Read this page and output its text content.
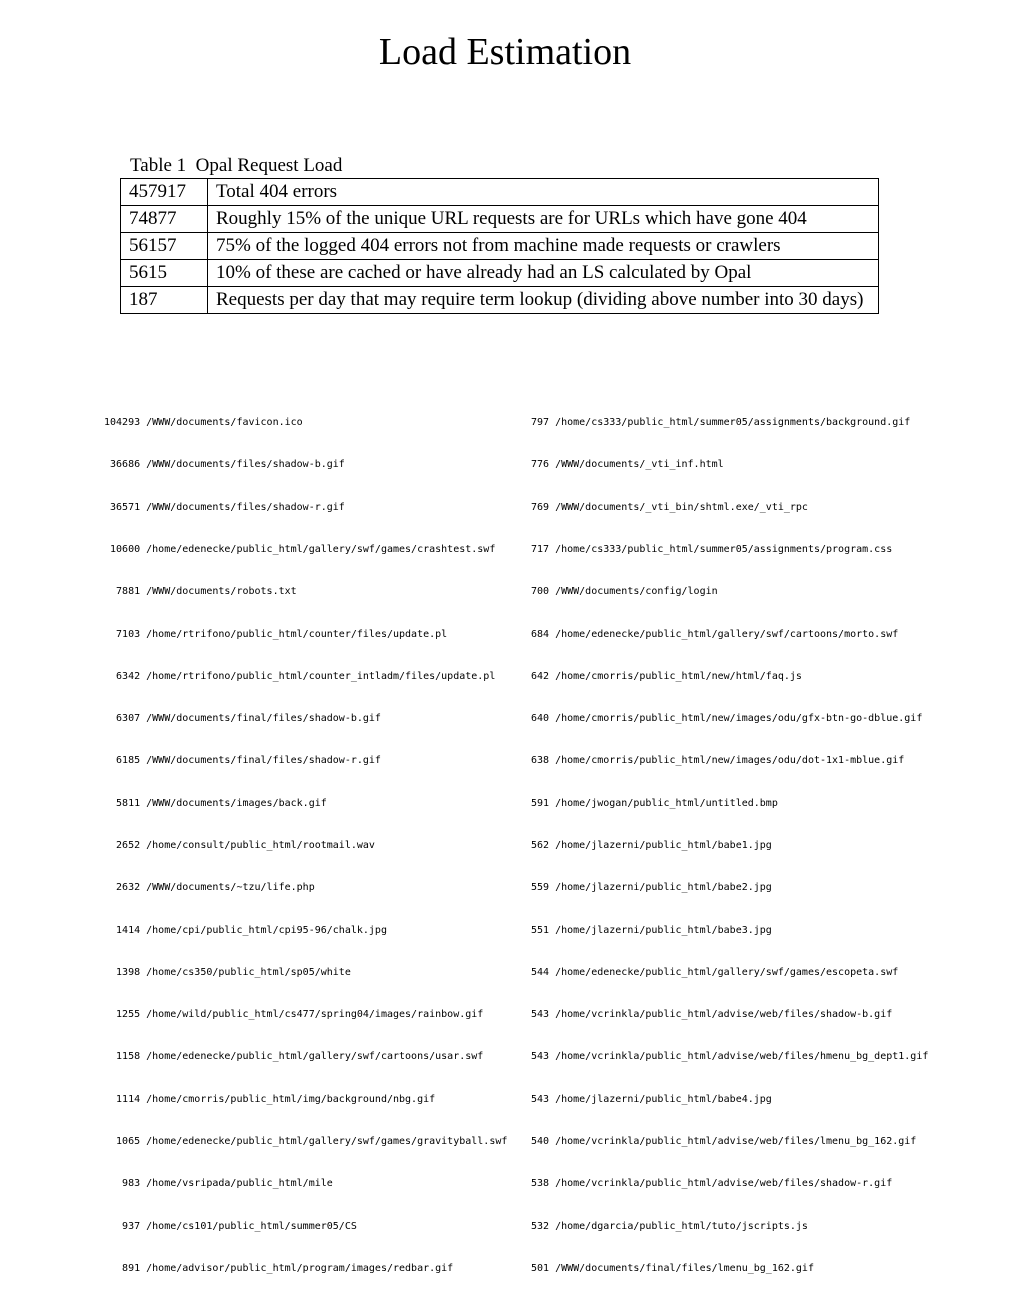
Load Estimation
Table 1  Opal Request Load
457917	Total 404 errors
74877	Roughly 15% of the unique URL requests are for URLs which have gone 404
56157	75% of the logged 404 errors not from machine made requests or crawlers
5615	10% of these are cached or have already had an LS calculated by Opal
187	Requests per day that may require term lookup (dividing above number into 30 days)

104293 /WWW/documents/favicon.ico

36686 /WWW/documents/files/shadow-b.gif

36571 /WWW/documents/files/shadow-r.gif

10600 /home/edenecke/public_html/gallery/swf/games/crashtest.swf

7881 /WWW/documents/robots.txt

7103 /home/rtrifono/public_html/counter/files/update.pl

6342 /home/rtrifono/public_html/counter_intladm/files/update.pl

6307 /WWW/documents/final/files/shadow-b.gif

6185 /WWW/documents/final/files/shadow-r.gif

5811 /WWW/documents/images/back.gif

2652 /home/consult/public_html/rootmail.wav

2632 /WWW/documents/~tzu/life.php

1414 /home/cpi/public_html/cpi95-96/chalk.jpg

1398 /home/cs350/public_html/sp05/white

1255 /home/wild/public_html/cs477/spring04/images/rainbow.gif

1158 /home/edenecke/public_html/gallery/swf/cartoons/usar.swf

1114 /home/cmorris/public_html/img/background/nbg.gif

1065 /home/edenecke/public_html/gallery/swf/games/gravityball.swf

983 /home/vsripada/public_html/mile

937 /home/cs101/public_html/summer05/CS

891 /home/advisor/public_html/program/images/redbar.gif

797 /home/cs333/public_html/summer05/assignments/background.gif

776 /WWW/documents/_vti_inf.html

769 /WWW/documents/_vti_bin/shtml.exe/_vti_rpc

717 /home/cs333/public_html/summer05/assignments/program.css

700 /WWW/documents/config/login

684 /home/edenecke/public_html/gallery/swf/cartoons/morto.swf

642 /home/cmorris/public_html/new/html/faq.js

640 /home/cmorris/public_html/new/images/odu/gfx-btn-go-dblue.gif

638 /home/cmorris/public_html/new/images/odu/dot-1x1-mblue.gif

591 /home/jwogan/public_html/untitled.bmp

562 /home/jlazerni/public_html/babe1.jpg

559 /home/jlazerni/public_html/babe2.jpg

551 /home/jlazerni/public_html/babe3.jpg

544 /home/edenecke/public_html/gallery/swf/games/escopeta.swf

543 /home/vcrinkla/public_html/advise/web/files/shadow-b.gif

543 /home/vcrinkla/public_html/advise/web/files/hmenu_bg_dept1.gif

543 /home/jlazerni/public_html/babe4.jpg

540 /home/vcrinkla/public_html/advise/web/files/lmenu_bg_162.gif

538 /home/vcrinkla/public_html/advise/web/files/shadow-r.gif

532 /home/dgarcia/public_html/tuto/jscripts.js

501 /WWW/documents/final/files/lmenu_bg_162.gif
